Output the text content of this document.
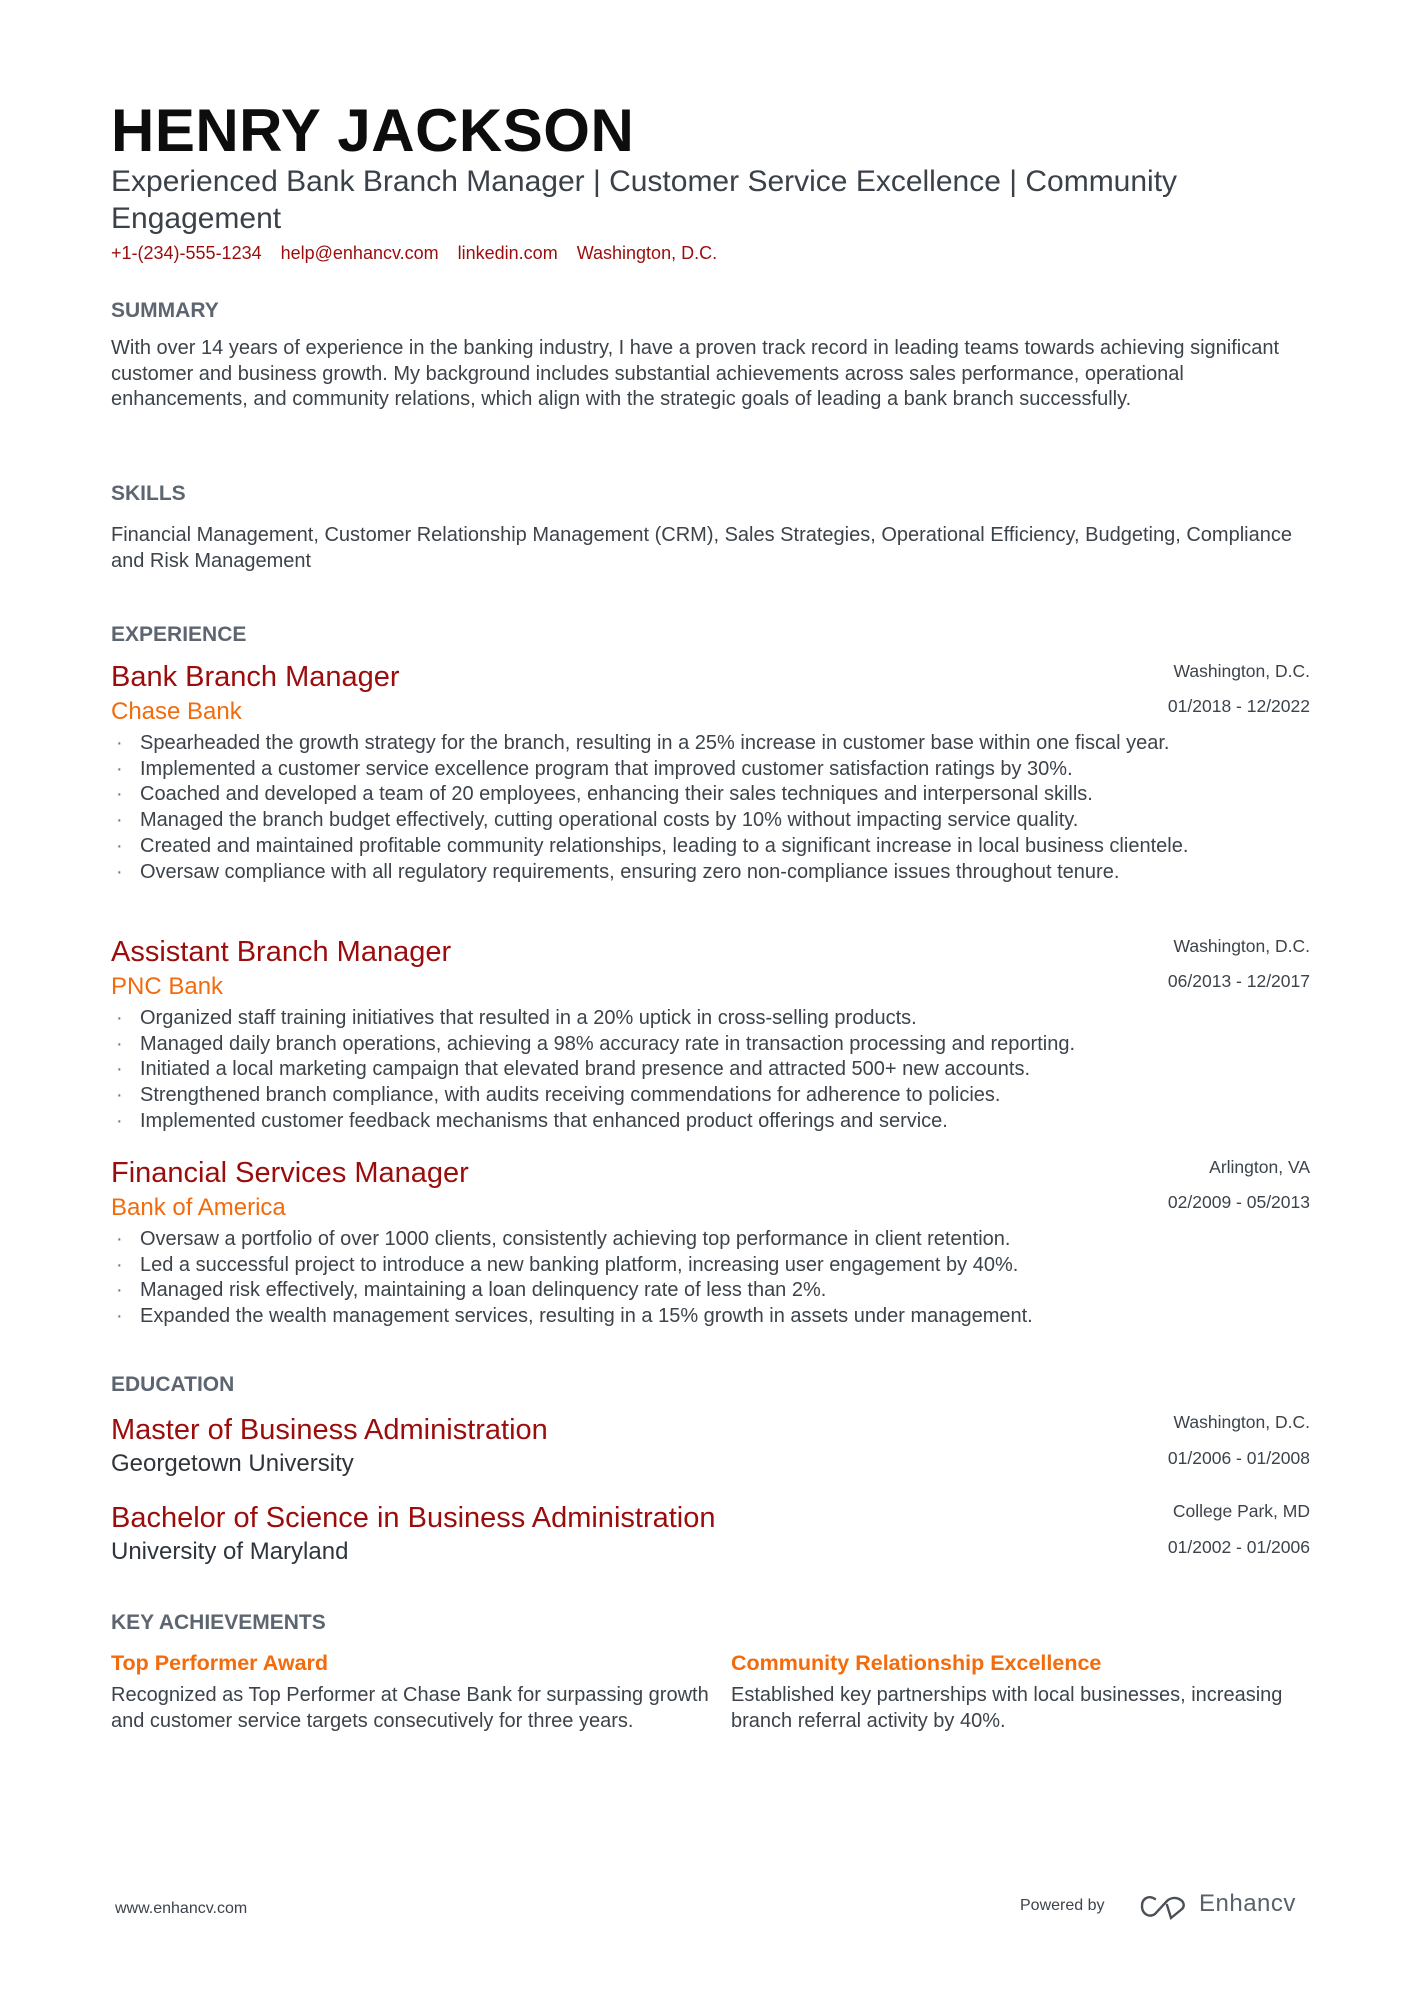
HENRY JACKSON
Experienced Bank Branch Manager | Customer Service Excellence | Community Engagement
+1-(234)-555-1234 help@enhancv.com linkedin.com Washington, D.C.
SUMMARY
With over 14 years of experience in the banking industry, I have a proven track record in leading teams towards achieving significant customer and business growth. My background includes substantial achievements across sales performance, operational enhancements, and community relations, which align with the strategic goals of leading a bank branch successfully.
SKILLS
Financial Management, Customer Relationship Management (CRM), Sales Strategies, Operational Efficiency, Budgeting, Compliance and Risk Management
EXPERIENCE
Bank Branch Manager
Chase Bank
Washington, D.C.
01/2018 - 12/2022
· Spearheaded the growth strategy for the branch, resulting in a 25% increase in customer base within one fiscal year.
· Implemented a customer service excellence program that improved customer satisfaction ratings by 30%.
· Coached and developed a team of 20 employees, enhancing their sales techniques and interpersonal skills.
· Managed the branch budget effectively, cutting operational costs by 10% without impacting service quality.
· Created and maintained profitable community relationships, leading to a significant increase in local business clientele.
· Oversaw compliance with all regulatory requirements, ensuring zero non-compliance issues throughout tenure.
Assistant Branch Manager
PNC Bank
Washington, D.C.
06/2013 - 12/2017
· Organized staff training initiatives that resulted in a 20% uptick in cross-selling products.
· Managed daily branch operations, achieving a 98% accuracy rate in transaction processing and reporting.
· Initiated a local marketing campaign that elevated brand presence and attracted 500+ new accounts.
· Strengthened branch compliance, with audits receiving commendations for adherence to policies.
· Implemented customer feedback mechanisms that enhanced product offerings and service.
Financial Services Manager
Bank of America
Arlington, VA
02/2009 - 05/2013
· Oversaw a portfolio of over 1000 clients, consistently achieving top performance in client retention.
· Led a successful project to introduce a new banking platform, increasing user engagement by 40%.
· Managed risk effectively, maintaining a loan delinquency rate of less than 2%.
· Expanded the wealth management services, resulting in a 15% growth in assets under management.
EDUCATION
Master of Business Administration
Georgetown University
Washington, D.C.
01/2006 - 01/2008
Bachelor of Science in Business Administration
University of Maryland
College Park, MD
01/2002 - 01/2006
KEY ACHIEVEMENTS
Top Performer Award
Recognized as Top Performer at Chase Bank for surpassing growth and customer service targets consecutively for three years.
Community Relationship Excellence
Established key partnerships with local businesses, increasing branch referral activity by 40%.
www.enhancv.com	Powered by	Enhancv
